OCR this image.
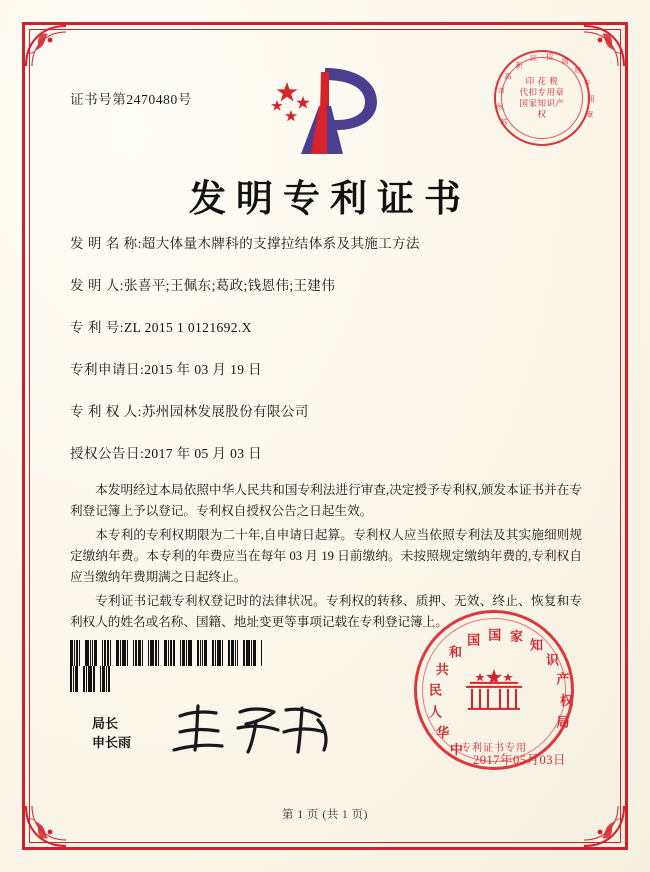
证书号第2470480号
苏
州
市
高
新
区 招
商
局
专
用
章
印 花 税
代扣专用章
国家知识产权
发明专利证书
发 明 名 称: 超大体量木牌科的支撑拉结体系及其施工方法
发 明 人: 张喜平;王佩东;葛政;钱恩伟;王建伟
专 利 号: ZL 2015 1 0121692.X
专利申请日: 2015 年 03 月 19 日
专 利 权 人: 苏州园林发展股份有限公司
授权公告日: 2017 年 05 月 03 日

本发明经过本局依照中华人民共和国专利法进行审查,决定授予专利权,颁发本证书并在专利登记簿上予以登记。专利权自授权公告之日起生效。

本专利的专利权期限为二十年,自申请日起算。专利权人应当依照专利法及其实施细则规定缴纳年费。本专利的年费应当在每年 03 月 19 日前缴纳。未按照规定缴纳年费的,专利权自应当缴纳年费期满之日起终止。

专利证书记载专利权登记时的法律状况。专利权的转移、质押、无效、终止、恢复和专利权人的姓名或名称、国籍、地址变更等事项记载在专利登记簿上。

局长
申长雨	中
华
人
民
共
和
国 国 家
知
识
产
权
局
专利证书专用
2017年05月03日
第 1 页 (共 1 页)
